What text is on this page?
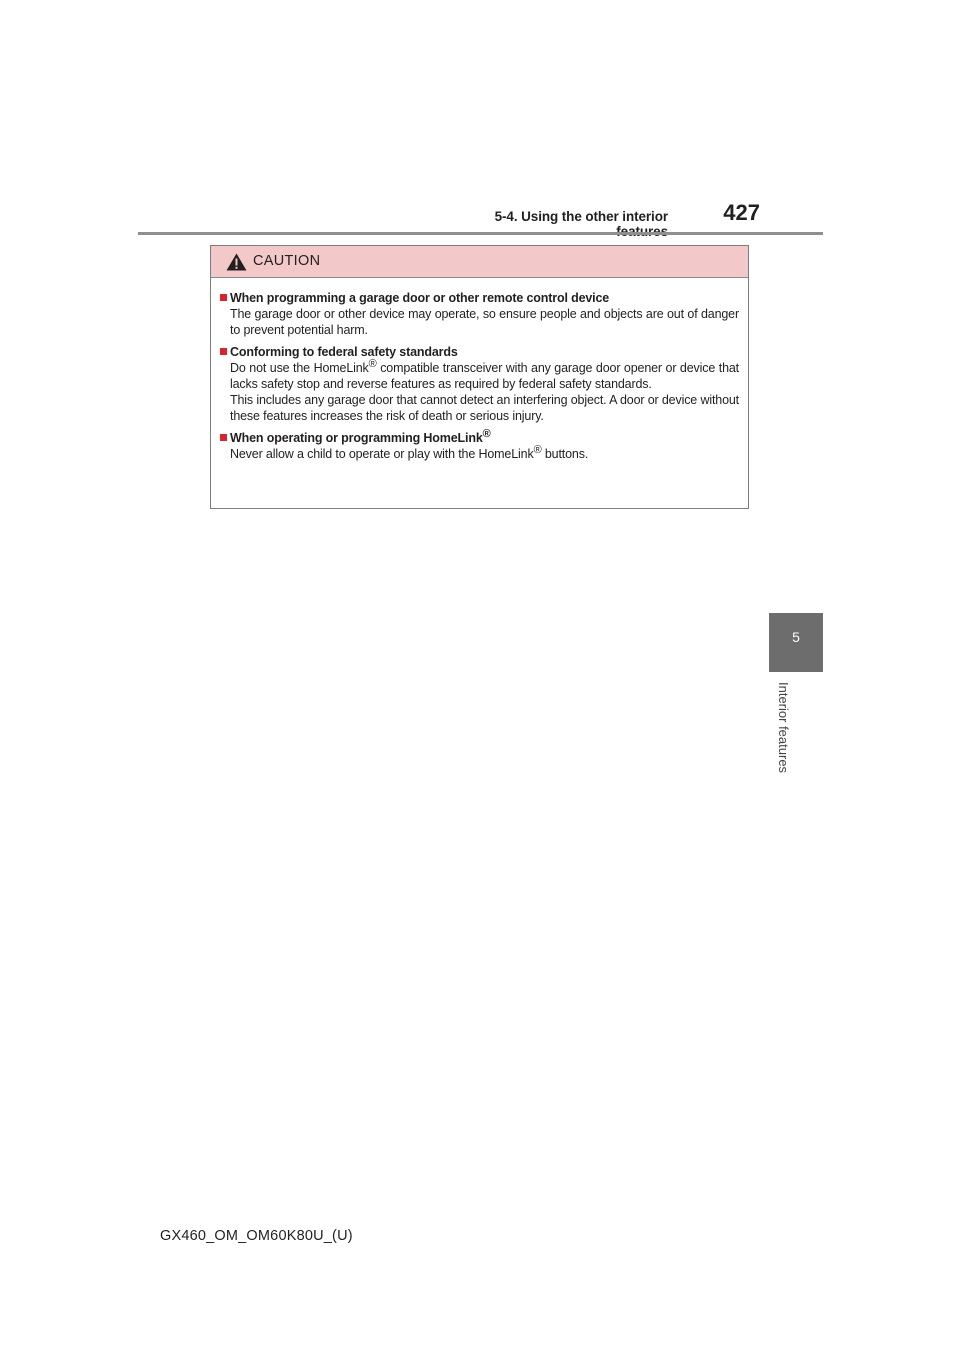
5-4. Using the other interior	427
5
Interior features
CAUTION
When programming a garage door or other remote control device

The garage door or other device may operate, so ensure people and objects are out of danger to prevent potential harm.

Conforming to federal safety standards

Do not use the HomeLink® compatible transceiver with any garage door opener or device that lacks safety stop and reverse features as required by federal safety standards.

This includes any garage door that cannot detect an interfering object. A door or device without these features increases the risk of death or serious injury.

When operating or programming HomeLink®

Never allow a child to operate or play with the HomeLink® buttons.

GX460_OM_OM60K80U_(U)
